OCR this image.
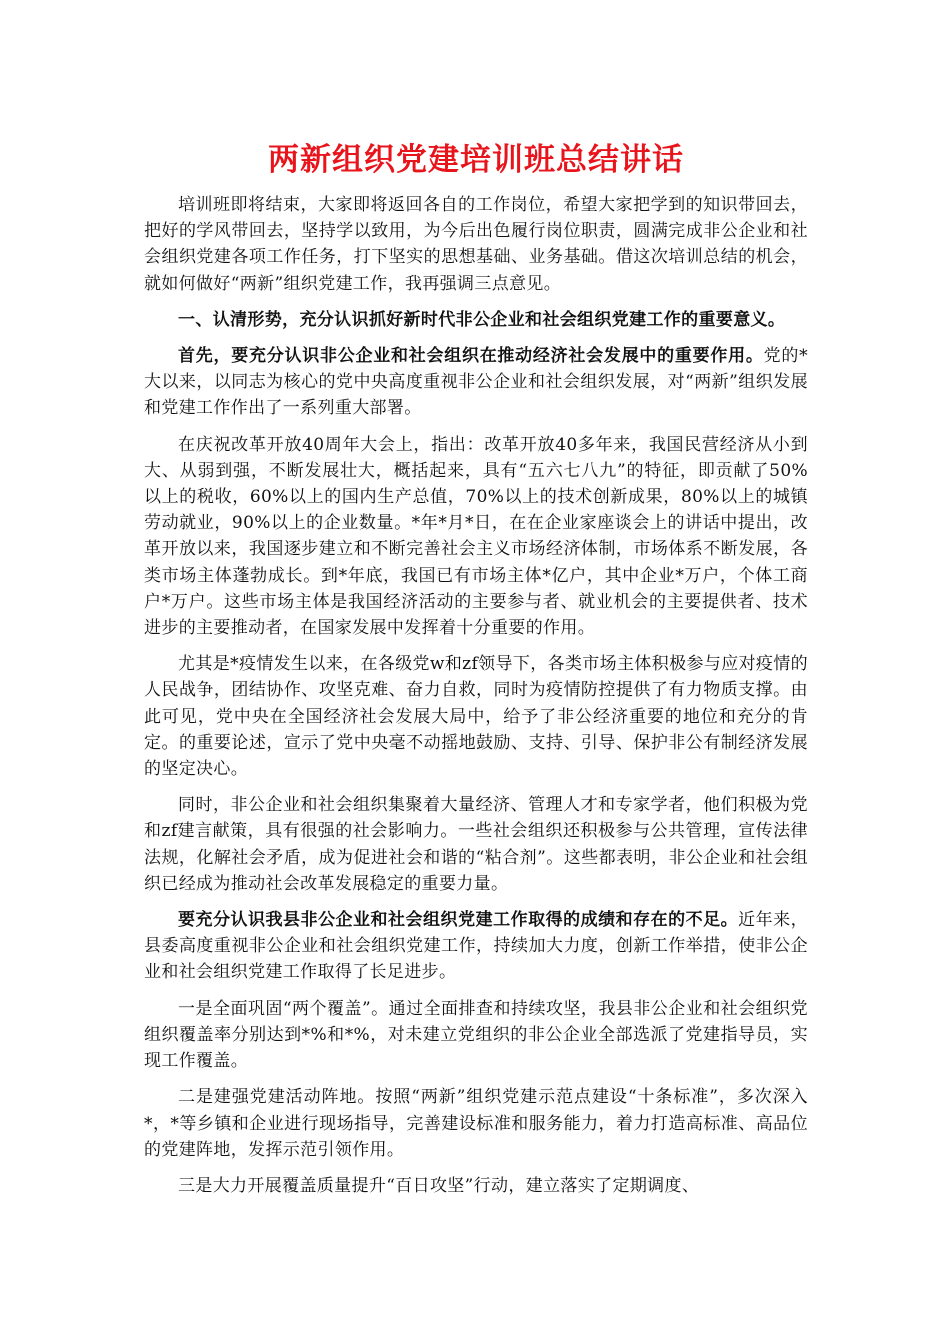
两新组织党建培训班总结讲话

培训班即将结束，大家即将返回各自的工作岗位，希望大家把学到的知识带回去，把好的学风带回去，坚持学以致用，为今后出色履行岗位职责，圆满完成非公企业和社会组织党建各项工作任务，打下坚实的思想基础、业务基础。借这次培训总结的机会，就如何做好“两新”组织党建工作，我再强调三点意见。

一、认清形势，充分认识抓好新时代非公企业和社会组织党建工作的重要意义。

首先，要充分认识非公企业和社会组织在推动经济社会发展中的重要作用。党的*大以来，以同志为核心的党中央高度重视非公企业和社会组织发展，对“两新”组织发展和党建工作作出了一系列重大部署。

在庆祝改革开放40周年大会上，指出：改革开放40多年来，我国民营经济从小到大、从弱到强，不断发展壮大，概括起来，具有“五六七八九”的特征，即贡献了50%以上的税收，60%以上的国内生产总值，70%以上的技术创新成果，80%以上的城镇劳动就业，90%以上的企业数量。*年*月*日，在在企业家座谈会上的讲话中提出，改革开放以来，我国逐步建立和不断完善社会主义市场经济体制，市场体系不断发展，各类市场主体蓬勃成长。到*年底，我国已有市场主体*亿户，其中企业*万户，个体工商户*万户。这些市场主体是我国经济活动的主要参与者、就业机会的主要提供者、技术进步的主要推动者，在国家发展中发挥着十分重要的作用。

尤其是*疫情发生以来，在各级党w和zf领导下，各类市场主体积极参与应对疫情的人民战争，团结协作、攻坚克难、奋力自救，同时为疫情防控提供了有力物质支撑。由此可见，党中央在全国经济社会发展大局中，给予了非公经济重要的地位和充分的肯定。的重要论述，宣示了党中央毫不动摇地鼓励、支持、引导、保护非公有制经济发展的坚定决心。

同时，非公企业和社会组织集聚着大量经济、管理人才和专家学者，他们积极为党和zf建言献策，具有很强的社会影响力。一些社会组织还积极参与公共管理，宣传法律法规，化解社会矛盾，成为促进社会和谐的“粘合剂”。这些都表明，非公企业和社会组织已经成为推动社会改革发展稳定的重要力量。

要充分认识我县非公企业和社会组织党建工作取得的成绩和存在的不足。近年来，县委高度重视非公企业和社会组织党建工作，持续加大力度，创新工作举措，使非公企业和社会组织党建工作取得了长足进步。

一是全面巩固“两个覆盖”。通过全面排查和持续攻坚，我县非公企业和社会组织党组织覆盖率分别达到*%和*%，对未建立党组织的非公企业全部选派了党建指导员，实现工作覆盖。

二是建强党建活动阵地。按照“两新”组织党建示范点建设“十条标准”，多次深入*，*等乡镇和企业进行现场指导，完善建设标准和服务能力，着力打造高标准、高品位的党建阵地，发挥示范引领作用。

三是大力开展覆盖质量提升“百日攻坚”行动，建立落实了定期调度、
